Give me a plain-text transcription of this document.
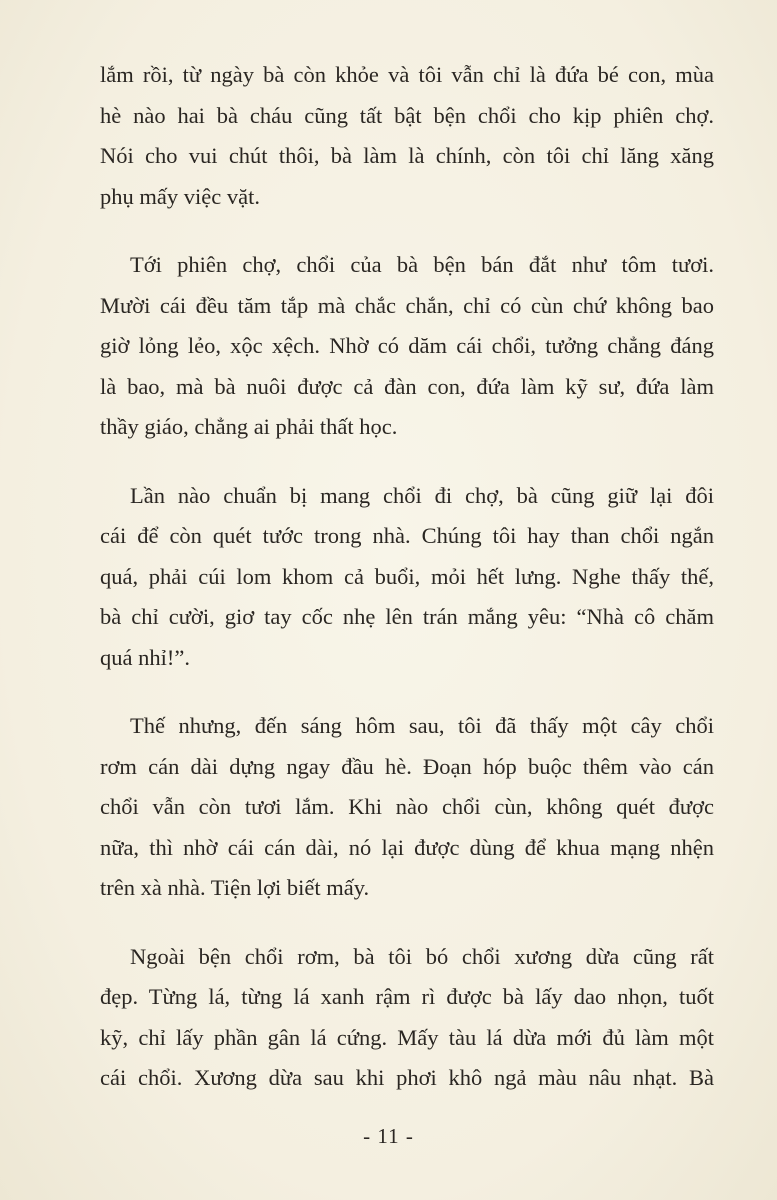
lắm rồi, từ ngày bà còn khỏe và tôi vẫn chỉ là đứa bé con, mùa
hè nào hai bà cháu cũng tất bật bện chổi cho kịp phiên chợ.
Nói cho vui chút thôi, bà làm là chính, còn tôi chỉ lăng xăng
phụ mấy việc vặt.
Tới phiên chợ, chổi của bà bện bán đắt như tôm tươi.
Mười cái đều tăm tắp mà chắc chắn, chỉ có cùn chứ không bao
giờ lỏng lẻo, xộc xệch. Nhờ có dăm cái chổi, tưởng chẳng đáng
là bao, mà bà nuôi được cả đàn con, đứa làm kỹ sư, đứa làm
thầy giáo, chẳng ai phải thất học.
Lần nào chuẩn bị mang chổi đi chợ, bà cũng giữ lại đôi
cái để còn quét tước trong nhà. Chúng tôi hay than chổi ngắn
quá, phải cúi lom khom cả buổi, mỏi hết lưng. Nghe thấy thế,
bà chỉ cười, giơ tay cốc nhẹ lên trán mắng yêu: “Nhà cô chăm
quá nhỉ!”.
Thế nhưng, đến sáng hôm sau, tôi đã thấy một cây chổi
rơm cán dài dựng ngay đầu hè. Đoạn hóp buộc thêm vào cán
chổi vẫn còn tươi lắm. Khi nào chổi cùn, không quét được
nữa, thì nhờ cái cán dài, nó lại được dùng để khua mạng nhện
trên xà nhà. Tiện lợi biết mấy.
Ngoài bện chổi rơm, bà tôi bó chổi xương dừa cũng rất
đẹp. Từng lá, từng lá xanh rậm rì được bà lấy dao nhọn, tuốt
kỹ, chỉ lấy phần gân lá cứng. Mấy tàu lá dừa mới đủ làm một
cái chổi. Xương dừa sau khi phơi khô ngả màu nâu nhạt. Bà
- 11 -
